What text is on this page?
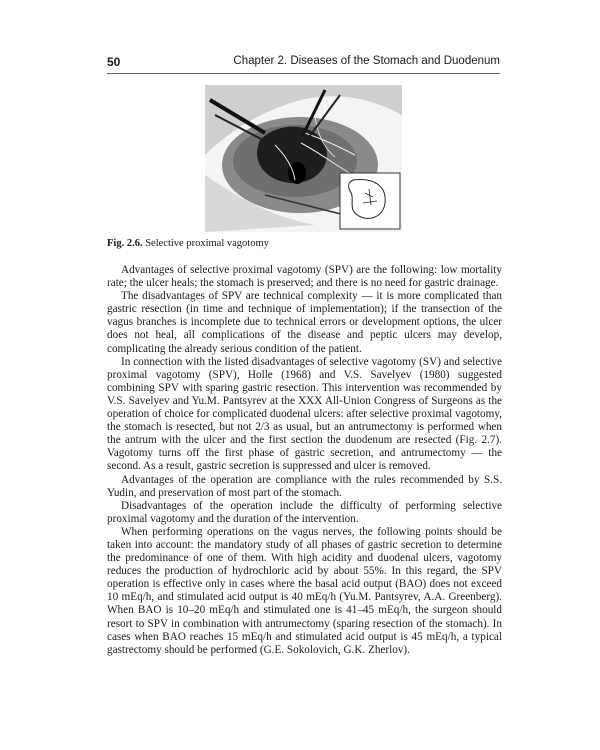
50	Chapter 2. Diseases of the Stomach and Duodenum
Fig. 2.6. Selective proximal vagotomy

Advantages of selective proximal vagotomy (SPV) are the following: low mortality rate; the ulcer heals; the stomach is preserved; and there is no need for gastric drainage.

The disadvantages of SPV are technical complexity — it is more complicated than gastric resection (in time and technique of implementation); if the transection of the vagus branches is incomplete due to technical errors or development options, the ulcer does not heal, all complications of the disease and peptic ulcers may develop, complicating the already serious condition of the patient.

In connection with the listed disadvantages of selective vagotomy (SV) and selective proximal vagotomy (SPV), Holle (1968) and V.S. Savelyev (1980) suggested combining SPV with sparing gastric resection. This intervention was recommended by V.S. Savelyev and Yu.M. Pantsyrev at the XXX All-Union Congress of Surgeons as the operation of choice for complicated duodenal ulcers: after selective proximal vagotomy, the stomach is resected, but not 2/3 as usual, but an antrumectomy is performed when the antrum with the ulcer and the first section the duodenum are resected (Fig. 2.7). Vagotomy turns off the first phase of gastric secretion, and antrumectomy — the second. As a result, gastric secretion is suppressed and ulcer is removed.

Advantages of the operation are compliance with the rules recommended by S.S. Yudin, and preservation of most part of the stomach.

Disadvantages of the operation include the difficulty of performing selective proximal vagotomy and the duration of the intervention.

When performing operations on the vagus nerves, the following points should be taken into account: the mandatory study of all phases of gastric secretion to determine the predominance of one of them. With high acidity and duodenal ulcers, vagotomy reduces the production of hydrochloric acid by about 55%. In this regard, the SPV operation is effective only in cases where the basal acid output (BAO) does not exceed 10 mEq/h, and stimulated acid output is 40 mEq/h (Yu.M. Pantsyrev, A.A. Greenberg). When BAO is 10–20 mEq/h and stimulated one is 41–45 mEq/h, the surgeon should resort to SPV in combination with antrumectomy (sparing resection of the stomach). In cases when BAO reaches 15 mEq/h and stimulated acid output is 45 mEq/h, a typical gastrectomy should be performed (G.E. Sokolovich, G.K. Zherlov).
